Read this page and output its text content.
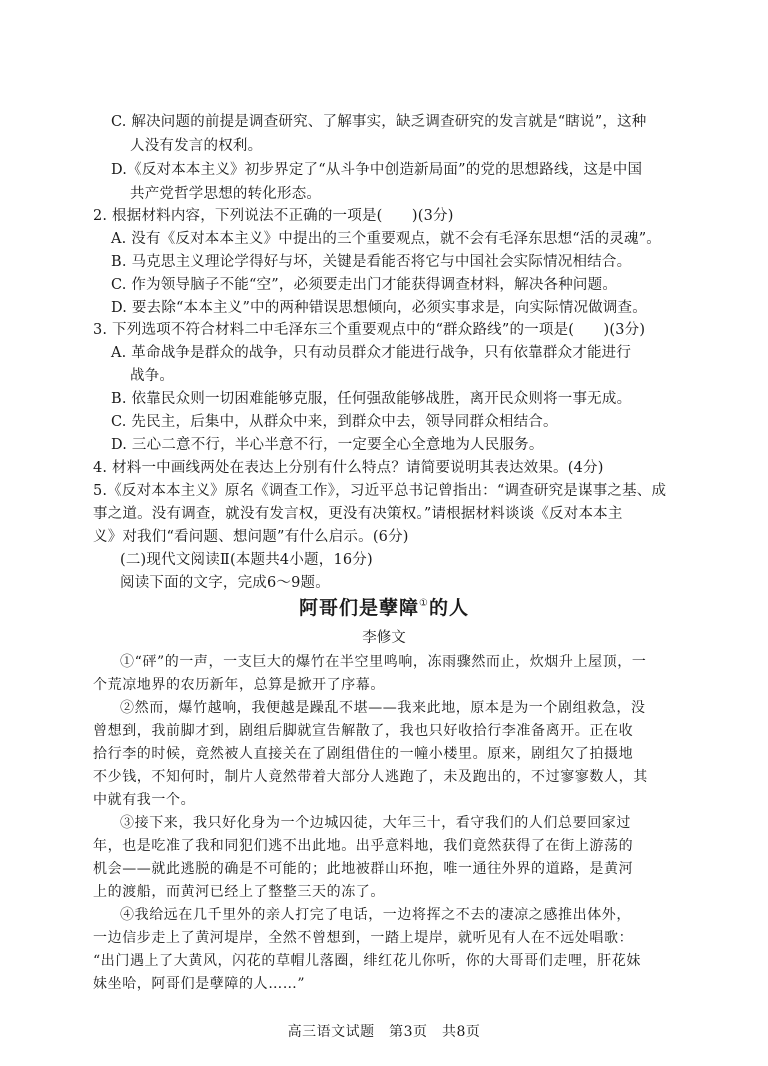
C. 解决问题的前提是调查研究、了解事实，缺乏调查研究的发言就是“瞎说”，这种
人没有发言的权利。
D.《反对本本主义》初步界定了“从斗争中创造新局面”的党的思想路线，这是中国
共产党哲学思想的转化形态。
2. 根据材料内容，下列说法不正确的一项是(　　)(3分)
A. 没有《反对本本主义》中提出的三个重要观点，就不会有毛泽东思想“活的灵魂”。
B. 马克思主义理论学得好与坏，关键是看能否将它与中国社会实际情况相结合。
C. 作为领导脑子不能“空”，必须要走出门才能获得调查材料，解决各种问题。
D. 要去除“本本主义”中的两种错误思想倾向，必须实事求是，向实际情况做调查。
3. 下列选项不符合材料二中毛泽东三个重要观点中的“群众路线”的一项是(　　)(3分)
A. 革命战争是群众的战争，只有动员群众才能进行战争，只有依靠群众才能进行
战争。
B. 依靠民众则一切困难能够克服，任何强敌能够战胜，离开民众则将一事无成。
C. 先民主，后集中，从群众中来，到群众中去，领导同群众相结合。
D. 三心二意不行，半心半意不行，一定要全心全意地为人民服务。
4. 材料一中画线两处在表达上分别有什么特点？请简要说明其表达效果。(4分)
5.《反对本本主义》原名《调查工作》，习近平总书记曾指出：“调查研究是谋事之基、成
事之道。没有调查，就没有发言权，更没有决策权。”请根据材料谈谈《反对本本主
义》对我们“看问题、想问题”有什么启示。(6分)
(二)现代文阅读Ⅱ(本题共4小题，16分)
阅读下面的文字，完成6～9题。
阿哥们是孽障①的人
李修文
①“砰”的一声，一支巨大的爆竹在半空里鸣响，冻雨骤然而止，炊烟升上屋顶，一
个荒凉地界的农历新年，总算是掀开了序幕。
②然而，爆竹越响，我便越是躁乱不堪——我来此地，原本是为一个剧组救急，没
曾想到，我前脚才到，剧组后脚就宣告解散了，我也只好收拾行李准备离开。正在收
拾行李的时候，竟然被人直接关在了剧组借住的一幢小楼里。原来，剧组欠了拍摄地
不少钱，不知何时，制片人竟然带着大部分人逃跑了，未及跑出的，不过寥寥数人，其
中就有我一个。
③接下来，我只好化身为一个边城囚徒，大年三十，看守我们的人们总要回家过
年，也是吃准了我和同犯们逃不出此地。出乎意料地，我们竟然获得了在街上游荡的
机会——就此逃脱的确是不可能的；此地被群山环抱，唯一通往外界的道路，是黄河
上的渡船，而黄河已经上了整整三天的冻了。
④我给远在几千里外的亲人打完了电话，一边将挥之不去的凄凉之感推出体外，
一边信步走上了黄河堤岸，全然不曾想到，一踏上堤岸，就听见有人在不远处唱歌：
“出门遇上了大黄风，闪花的草帽儿落圈，绯红花儿你听，你的大哥哥们走哩，肝花妹
妹坐哈，阿哥们是孽障的人……”
高三语文试题　第3页　共8页
